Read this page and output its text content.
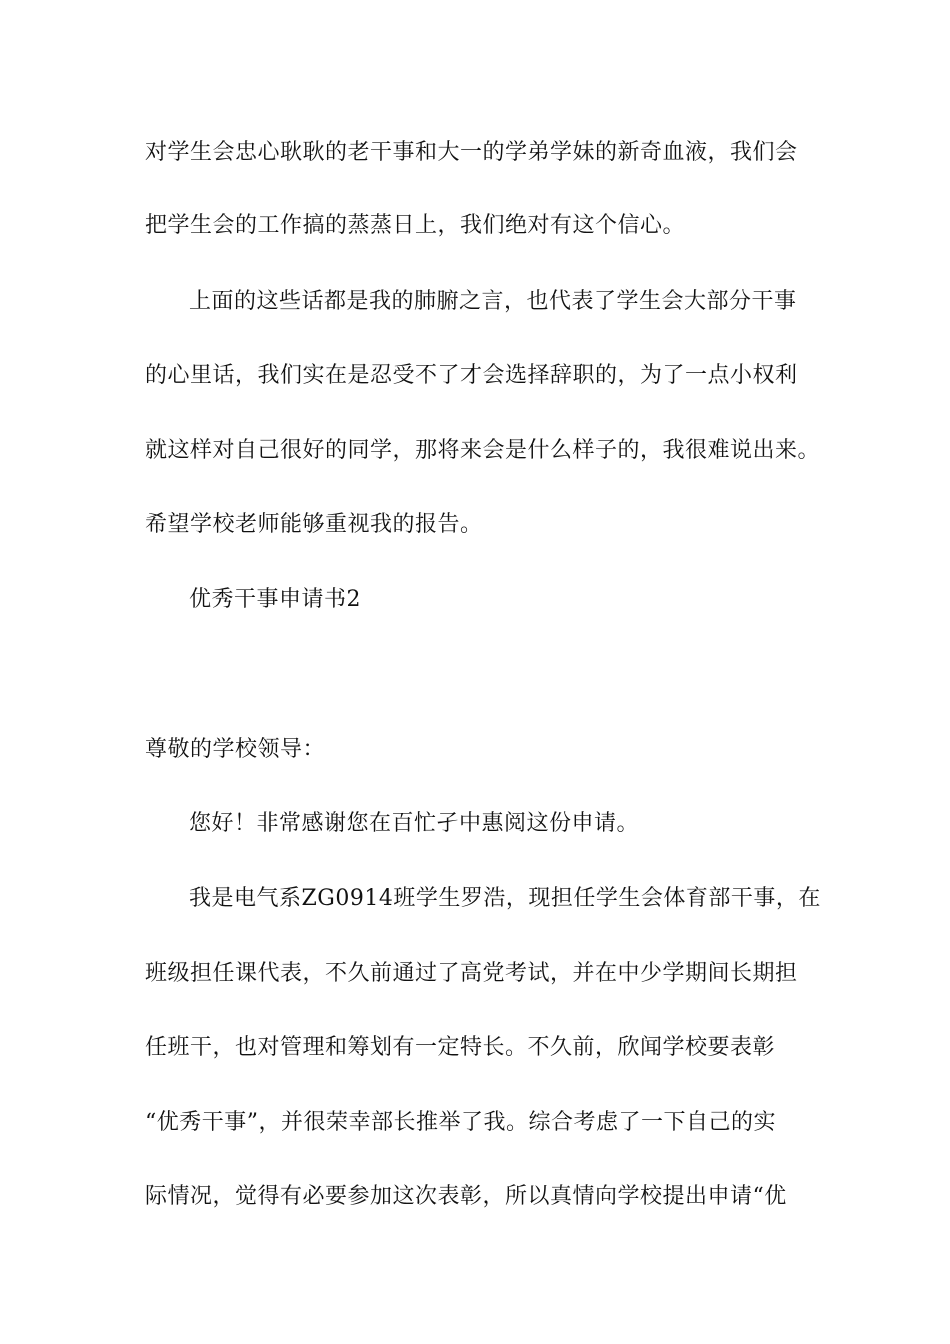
对学生会忠心耿耿的老干事和大一的学弟学妹的新奇血液，我们会
把学生会的工作搞的蒸蒸日上，我们绝对有这个信心。
上面的这些话都是我的肺腑之言，也代表了学生会大部分干事
的心里话，我们实在是忍受不了才会选择辞职的，为了一点小权利
就这样对自己很好的同学，那将来会是什么样子的，我很难说出来。
希望学校老师能够重视我的报告。
优秀干事申请书2
尊敬的学校领导：
您好！非常感谢您在百忙孑中惠阅这份申请。
我是电气系ZG0914班学生罗浩，现担任学生会体育部干事，在
班级担任课代表，不久前通过了高党考试，并在中少学期间长期担
任班干，也对管理和筹划有一定特长。不久前，欣闻学校要表彰
“优秀干事”，并很荣幸部长推举了我。综合考虑了一下自己的实
际情况，觉得有必要参加这次表彰，所以真情向学校提出申请“优
